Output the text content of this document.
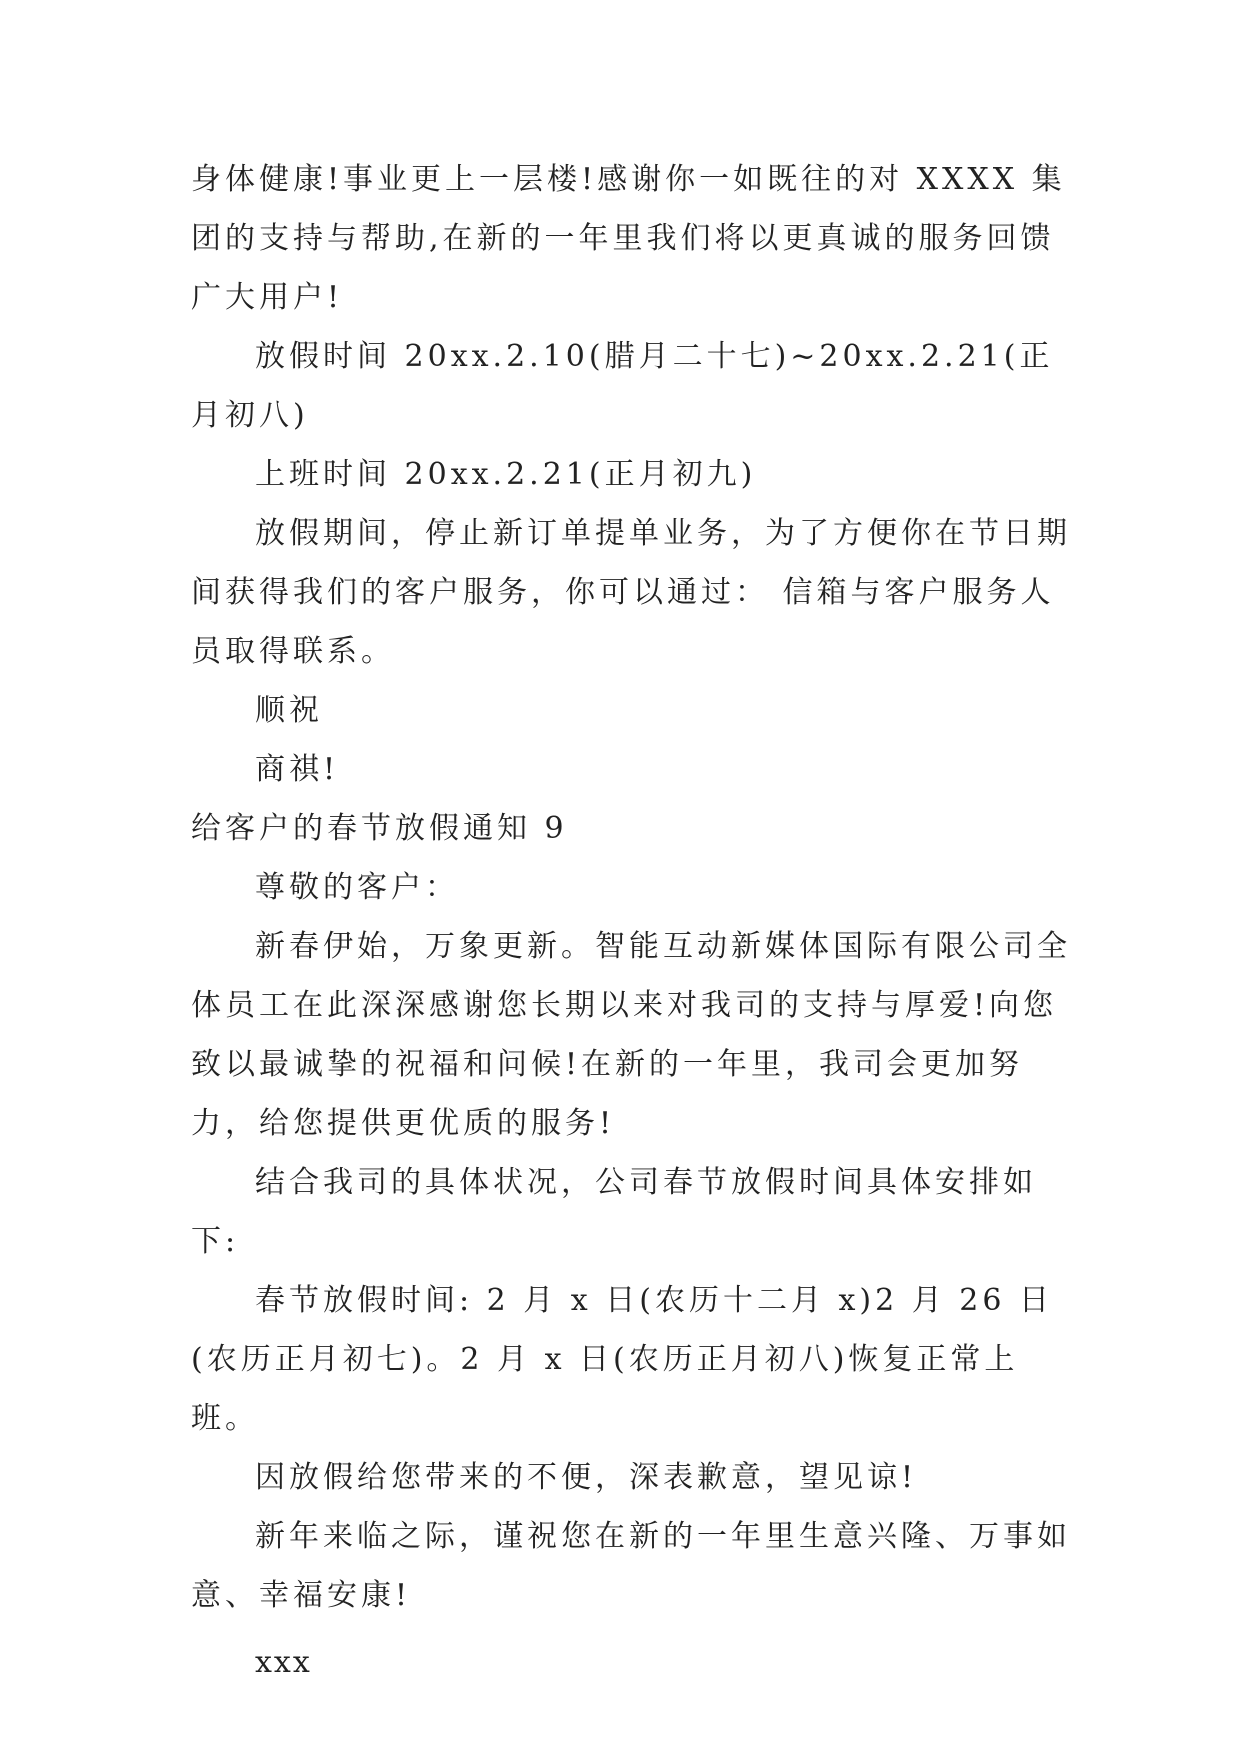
身体健康!事业更上一层楼!感谢你一如既往的对 XXXX 集团的支持与帮助,在新的一年里我们将以更真诚的服务回馈广大用户!

放假时间 20xx.2.10(腊月二十七)~20xx.2.21(正月初八)

上班时间 20xx.2.21(正月初九)

放假期间，停止新订单提单业务，为了方便你在节日期间获得我们的客户服务，你可以通过： 信箱与客户服务人员取得联系。

顺祝

商祺!

给客户的春节放假通知 9

尊敬的客户：

新春伊始，万象更新。智能互动新媒体国际有限公司全体员工在此深深感谢您长期以来对我司的支持与厚爱!向您致以最诚挚的祝福和问候!在新的一年里，我司会更加努力，给您提供更优质的服务!

结合我司的具体状况，公司春节放假时间具体安排如下:

春节放假时间: 2 月 x 日(农历十二月 x)2 月 26 日(农历正月初七)。2 月 x 日(农历正月初八)恢复正常上班。

因放假给您带来的不便，深表歉意，望见谅!

新年来临之际，谨祝您在新的一年里生意兴隆、万事如意、幸福安康!

xxx
